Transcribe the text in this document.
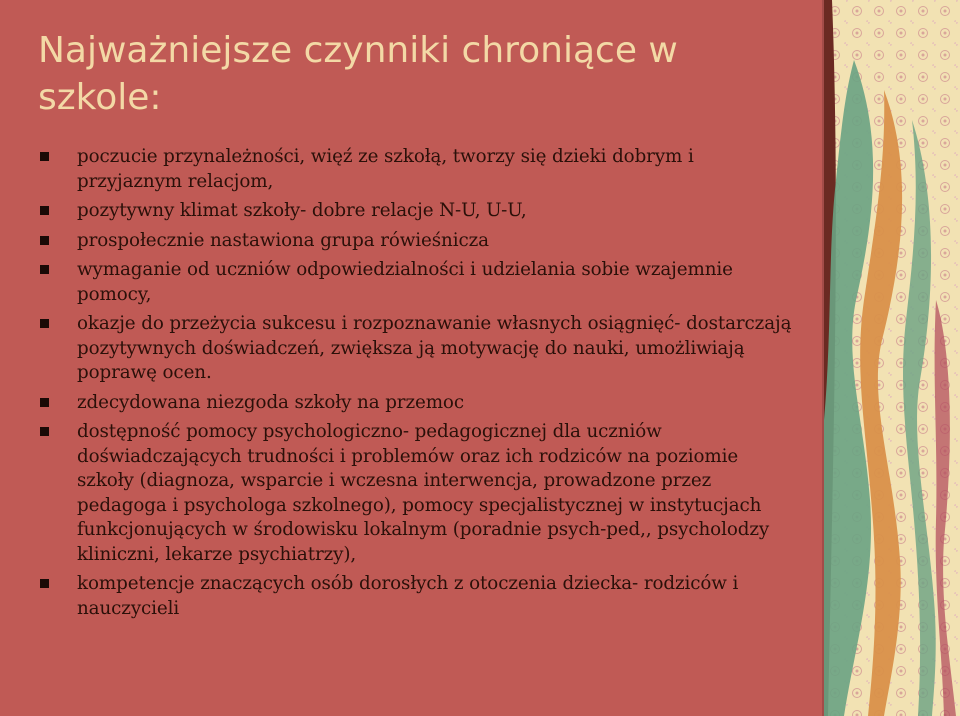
Najważniejsze czynniki chroniące w szkole:
poczucie przynależności, więź ze szkołą, tworzy się dzieki dobrym i przyjaznym relacjom,
pozytywny klimat szkoły- dobre relacje N-U, U-U,
prospołecznie nastawiona grupa rówieśnicza
wymaganie od uczniów odpowiedzialności i udzielania sobie wzajemnie pomocy,
okazje do przeżycia sukcesu i rozpoznawanie własnych osiągnięć- dostarczają pozytywnych doświadczeń, zwiększa ją motywację do nauki, umożliwiają poprawę ocen.
zdecydowana niezgoda szkoły na przemoc
dostępność pomocy psychologiczno- pedagogicznej dla uczniów doświadczających trudności i problemów oraz ich rodziców na poziomie szkoły (diagnoza, wsparcie i wczesna interwencja, prowadzone przez pedagoga i psychologa szkolnego), pomocy specjalistycznej w instytucjach funkcjonujących w środowisku lokalnym (poradnie psych-ped,, psycholodzy kliniczni, lekarze psychiatrzy),
kompetencje znaczących osób dorosłych z otoczenia dziecka- rodziców i nauczycieli
